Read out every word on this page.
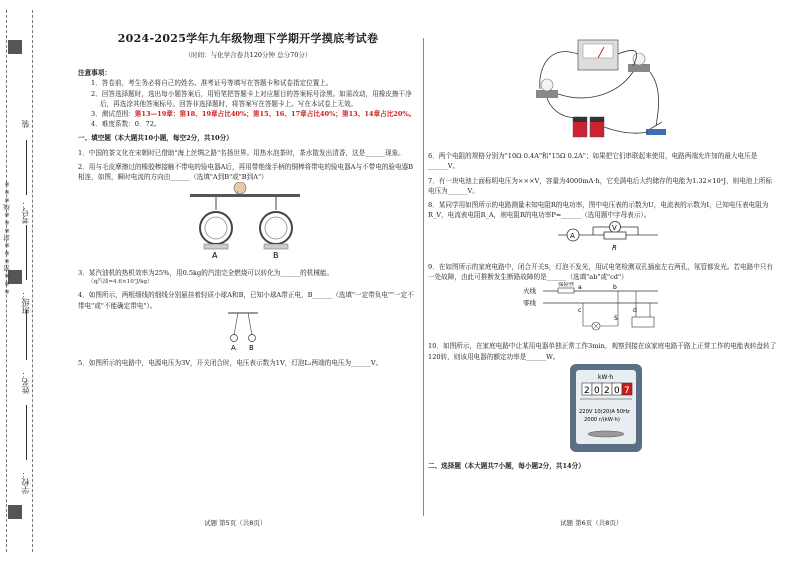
装
学校：
姓名：
班级：
考号：
※※※密※※※封※※※线※※※
2024-2025学年九年级物理下学期开学摸底考试卷
（时间：与化学合卷共120分钟 总分70分）
注意事项：
1．答卷前，考生务必将自己的姓名、准考证号等填写在答题卡和试卷指定位置上。
2．回答选择题时，选出每小题答案后，用铅笔把答题卡上对应题目的答案标号涂黑。如需改动，用橡皮擦干净后，再选涂其他答案标号。回答非选择题时，将答案写在答题卡上。写在本试卷上无效。
3．测试范围：第13—19章：第18、19章占比40%；第15、16、17章占比40%；第13、14章占比20%。
4．难度系数：0．72。
一、填空题（本大题共10小题，每空2分，共10分）
1．中国的茶文化在宋朝时已借助"海上丝绸之路"名扬世界。用热水泡茶时，茶水散发出清香，这是______现象。
2．用与毛皮摩擦过的橡胶棒接触不带电的验电器A后，再用带绝缘手柄的铜棒将带电的验电器A与不带电的验电器B相连，如图，瞬时电流的方向由______（选填"A到B"或"B到A"）
A	B
3．某汽油机的热机效率为25%，用0.5kg的汽油完全燃烧可以转化为______的机械能。
（q汽油=4.6×10⁷J/kg）
4．如图所示，两根细线的细线分别悬挂着轻质小球A和B，已知小球A带正电，B______（选填"一定带负电""一定不带电"或"不能确定带电"）。
A B
5．如图所示的电路中，电源电压为3V，开关闭合时，电压表示数为1V，灯泡L₁两端的电压为______V。
6．两个电阻的规格分别为"10Ω 0.4A"和"15Ω 0.2A"；如果把它们串联起来使用，电路两端允许加的最大电压是______V。
7．有一块电池上面标明电压为×××V，容量为4000mA·h，它充满电后大约储存的电能为1.32×10⁵J，则电池上所标电压为______V。
8．某同学用如图所示的电路测量未知电阻R的电功率，图中电压表的示数为U，电流表的示数为I，已知电压表电阻为R_V，电流表电阻R_A，则电阻R的电功率P=______（选用题中字母表示）。
A
V
R
9．在如图所示的家庭电路中，闭合开关S，灯泡不发光，用试电笔检测双孔插座左右两孔，氖管都发光。若电路中只有一处故障，由此可推断发生断路故障的是______（选填"ab"或"cd"）
火线
零线
保险丝 a	b
c	d
S
10．如图所示，在家庭电路中让某用电器单独正常工作3min，观察到接在该家庭电路干路上正常工作的电能表转盘转了120转，则该用电器的额定功率是______W。
kW·h
2 0 2 0 7
220V 10(20)A 50Hz
2000 r/(kW·h)
二、选择题（本大题共7小题，每小题2分，共14分）
试题 第5页（共8页）	试题 第6页（共8页）
